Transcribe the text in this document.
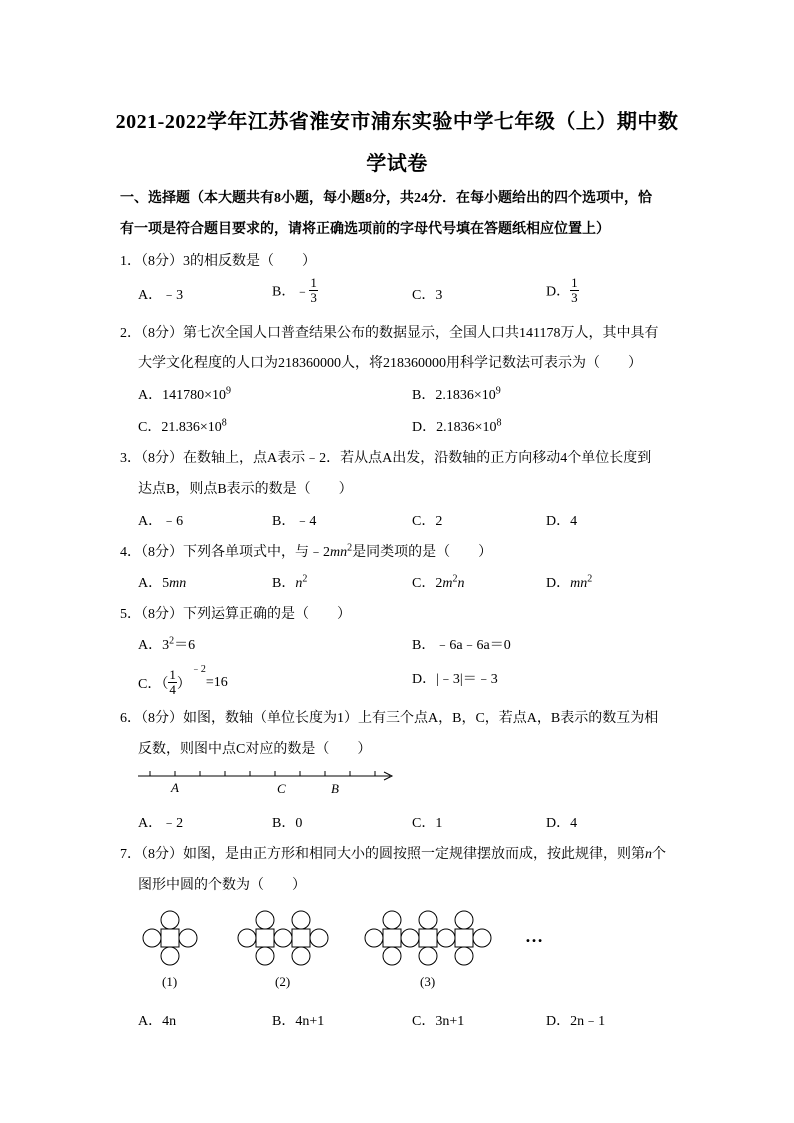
2021-2022学年江苏省淮安市浦东实验中学七年级（上）期中数
学试卷
一、选择题（本大题共有8小题，每小题8分，共24分．在每小题给出的四个选项中，恰
有一项是符合题目要求的，请将正确选项前的字母代号填在答题纸相应位置上）
1．（8分）3的相反数是（　　）
A．﹣3	B．﹣ $\frac{1}{3}$	C．3	D． $\frac{1}{3}$
2．（8分）第七次全国人口普查结果公布的数据显示，全国人口共141178万人，其中具有
大学文化程度的人口为218360000人，将218360000用科学记数法可表示为（　　）
A．$141780\times 10^9$	B．$2.1836\times 10^9$
C．$21.836\times 10^8$	D．$2.1836\times 10^8$
3．（8分）在数轴上，点A表示﹣2．若从点A出发，沿数轴的正方向移动4个单位长度到
达点B，则点B表示的数是（　　）
A．﹣6	B．﹣4	C．2	D．4
4．（8分）下列各单项式中，与$﹣2mn^2$是同类项的是（　　）
A．5mn	B．$n^2$	C．$2m^2n$	D．$mn^2$
5．（8分）下列运算正确的是（　　）
A．$3^2=6$	B．﹣6a﹣6a＝0
C．（ $\frac{1}{4} )^{﹣2}=16$	D．|﹣3|＝﹣3
6．（8分）如图，数轴（单位长度为1）上有三个点A，B，C，若点A，B表示的数互为相
反数，则图中点C对应的数是（　　）
A	C	B
A．﹣2	B．0	C．1	D．4
7．（8分）如图，是由正方形和相同大小的圆按照一定规律摆放而成，按此规律，则第n个
图形中圆的个数为（　　）
…
(1)	(2)	(3)
A．4n	B．4n+1	C．3n+1	D．2n﹣1
